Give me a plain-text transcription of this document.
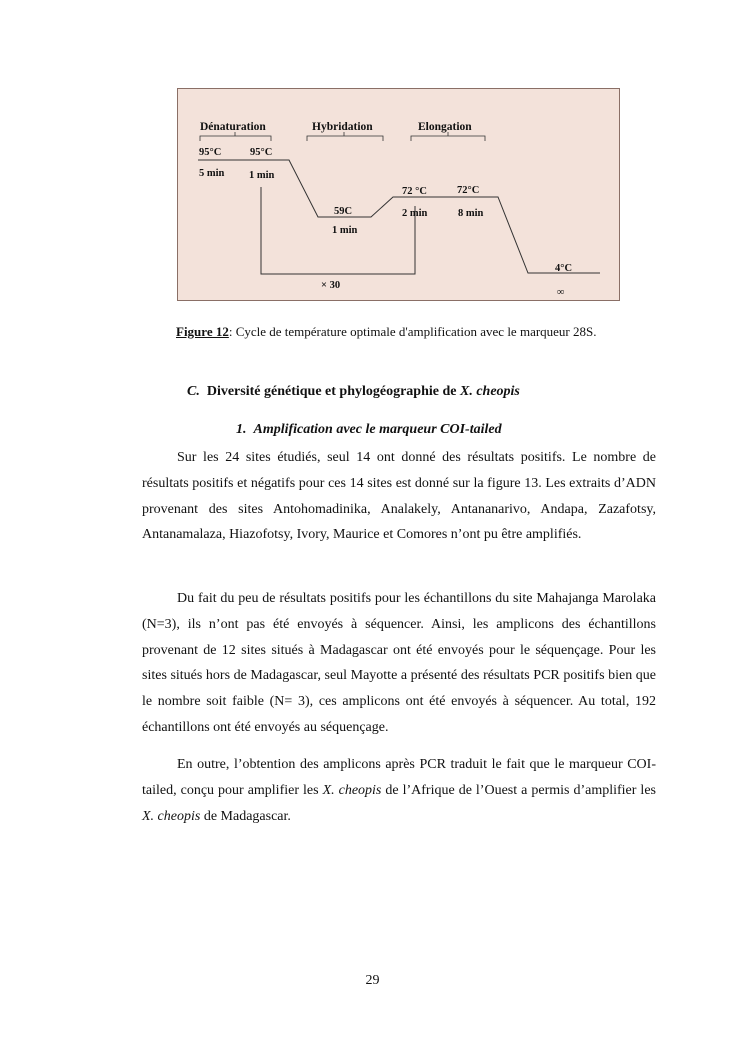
Dénaturation	Hybridation	Elongation
95°C
5 min
95°C
1 min
59C
1 min
72 °C
2 min
72°C
8 min
4°C
∞
× 30
Figure 12: Cycle de température optimale d'amplification avec le marqueur 28S.
C. Diversité génétique et phylogéographie de X. cheopis
1. Amplification avec le marqueur COI-tailed

Sur les 24 sites étudiés, seul 14 ont donné des résultats positifs. Le nombre de résultats positifs et négatifs pour ces 14 sites est donné sur la figure 13. Les extraits d’ADN provenant des sites Antohomadinika, Analakely, Antananarivo, Andapa, Zazafotsy, Antanamalaza, Hiazofotsy, Ivory, Maurice et Comores n’ont pu être amplifiés.

Du fait du peu de résultats positifs pour les échantillons du site Mahajanga Marolaka (N=3), ils n’ont pas été envoyés à séquencer. Ainsi, les amplicons des échantillons provenant de 12 sites situés à Madagascar ont été envoyés pour le séquençage. Pour les sites situés hors de Madagascar, seul Mayotte a présenté des résultats PCR positifs bien que le nombre soit faible (N= 3), ces amplicons ont été envoyés à séquencer. Au total, 192 échantillons ont été envoyés au séquençage.

En outre, l’obtention des amplicons après PCR traduit le fait que le marqueur COI-tailed, conçu pour amplifier les X. cheopis de l’Afrique de l’Ouest a permis d’amplifier les X. cheopis de Madagascar.

29
